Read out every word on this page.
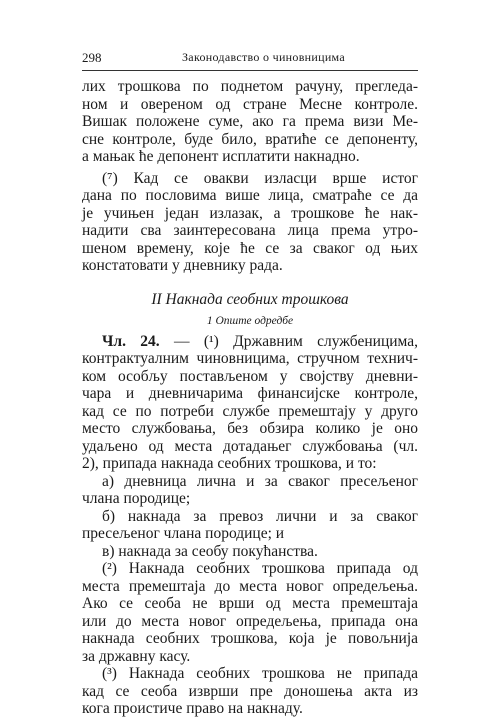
298	Законодавство о чиновницима

лих трошкова по поднетом рачуну, прегледа-

ном и овереном од стране Месне контроле.

Вишак положене суме, ако га према визи Ме-

сне контроле, буде било, вратиће се депоненту,

а мањак ће депонент исплатити накнадно.

(⁷) Кад се овакви изласци врше истог

дана по пословима више лица, сматраће се да

је учињен један излазак, а трошкове ће нак-

надити сва заинтересована лица према утро-

шеном времену, које ће се за сваког од њих

констатовати у дневнику рада.

II Накнада сеобних трошкова
1 Опште одредбе

Чл. 24. — (¹) Државним службеницима,

контрактуалним чиновницима, стручном технич-

ком особљу постављеном у својству дневни-

чара и дневничарима финансијске контроле,

кад се по потреби службе премештају у друго

место службовања, без обзира колико је оно

удаљено од места дотадањег службовања (чл.

2), припада накнада сеобних трошкова, и то:

а) дневница лична и за сваког пресељеног

члана породице;

б) накнада за превоз лични и за сваког

пресељеног члана породице; и

в) накнада за сеобу покућанства.

(²) Накнада сеобних трошкова припада од

места премештаја до места новог опредељења.

Ако се сеоба не врши од места премештаја

или до места новог опредељења, припада она

накнада сеобних трошкова, која је повољнија

за државну касу.

(³) Накнада сеобних трошкова не припада

кад се сеоба изврши пре доношења акта из

кога проистиче право на накнаду.
